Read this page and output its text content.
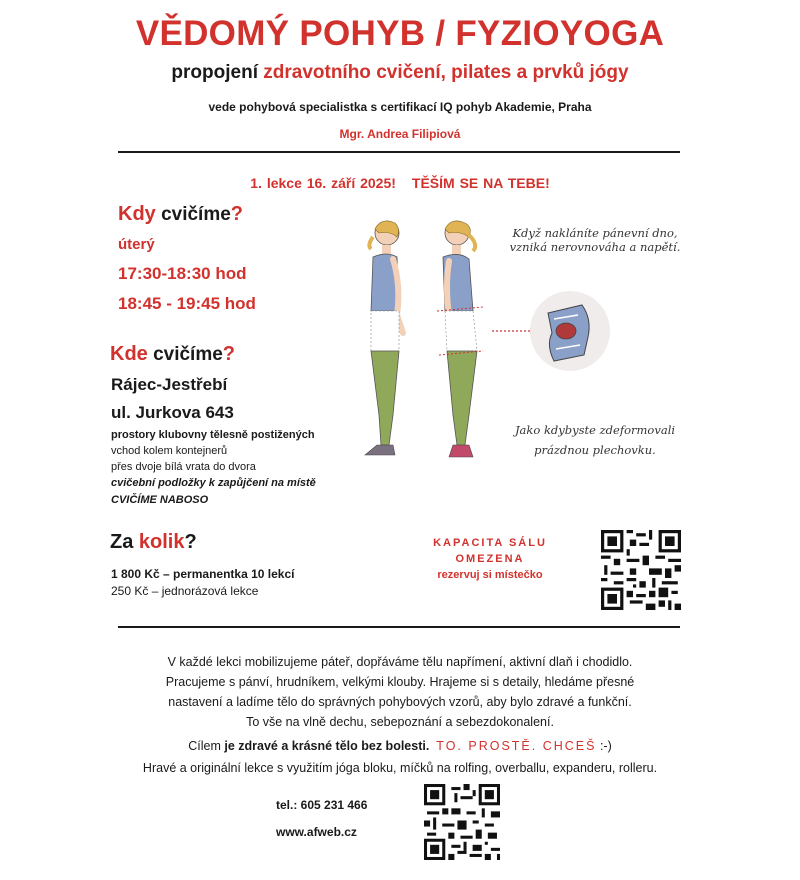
VĚDOMÝ POHYB / FYZIOYOGA
propojení zdravotního cvičení, pilates a prvků jógy
vede pohybová specialistka s certifikací IQ pohyb Akademie, Praha
Mgr. Andrea Filipiová
1. lekce 16. září 2025! TĚŠÍM SE NA TEBE!
Kdy cvičíme?
úterý
17:30-18:30 hod
18:45 - 19:45 hod
Kde cvičíme?
Rájec-Jestřebí
ul. Jurkova 643
prostory klubovny tělesně postižených
vchod kolem kontejnerů
přes dvoje bílá vrata do dvora
cvičební podložky k zapůjčení na místě
CVIČÍME NABOSO
Za kolik?
1 800 Kč – permanentka 10 lekcí
250 Kč – jednorázová lekce
KAPACITA SÁLU
OMEZENA
rezervuj si místečko
Když nakláníte pánevní dno,
vzniká nerovnováha a napětí.
Jako kdybyste zdeformovali
prázdnou plechovku.
V každé lekci mobilizujeme páteř, dopřáváme tělu napřímení, aktivní dlaň i chodidlo.
Pracujeme s pánví, hrudníkem, velkými klouby. Hrajeme si s detaily, hledáme přesné
nastavení a ladíme tělo do správných pohybových vzorů, aby bylo zdravé a funkční.
To vše na vlně dechu, sebepoznání a sebezdokonalení.
Cílem je zdravé a krásné tělo bez bolesti. TO. PROSTĚ. CHCEŠ :-)
Hravé a originální lekce s využitím jóga bloku, míčků na rolfing, overballu, expanderu, rolleru.
tel.: 605 231 466
www.afweb.cz
